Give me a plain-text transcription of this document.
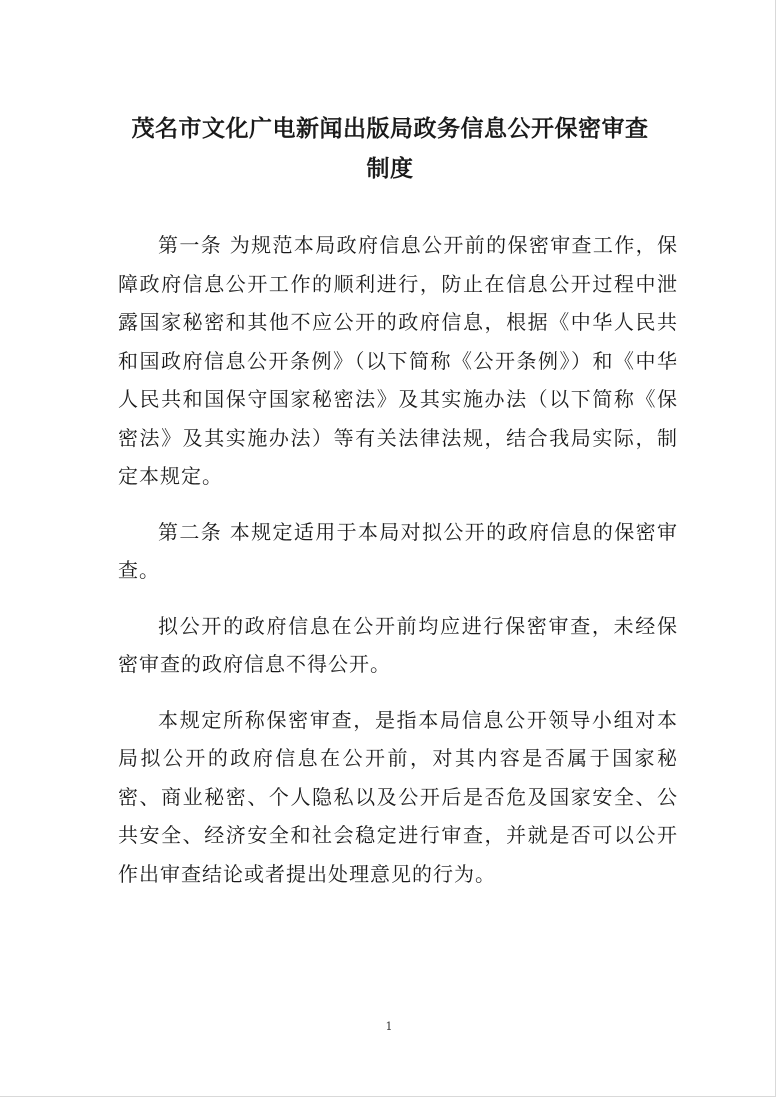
茂名市文化广电新闻出版局政务信息公开保密审查
制度

第一条 为规范本局政府信息公开前的保密审查工作，保障政府信息公开工作的顺利进行，防止在信息公开过程中泄露国家秘密和其他不应公开的政府信息，根据《中华人民共和国政府信息公开条例》（以下简称《公开条例》）和《中华人民共和国保守国家秘密法》及其实施办法（以下简称《保密法》及其实施办法）等有关法律法规，结合我局实际，制定本规定。

第二条 本规定适用于本局对拟公开的政府信息的保密审查。

拟公开的政府信息在公开前均应进行保密审查，未经保密审查的政府信息不得公开。

本规定所称保密审查，是指本局信息公开领导小组对本局拟公开的政府信息在公开前，对其内容是否属于国家秘密、商业秘密、个人隐私以及公开后是否危及国家安全、公共安全、经济安全和社会稳定进行审查，并就是否可以公开作出审查结论或者提出处理意见的行为。

1
